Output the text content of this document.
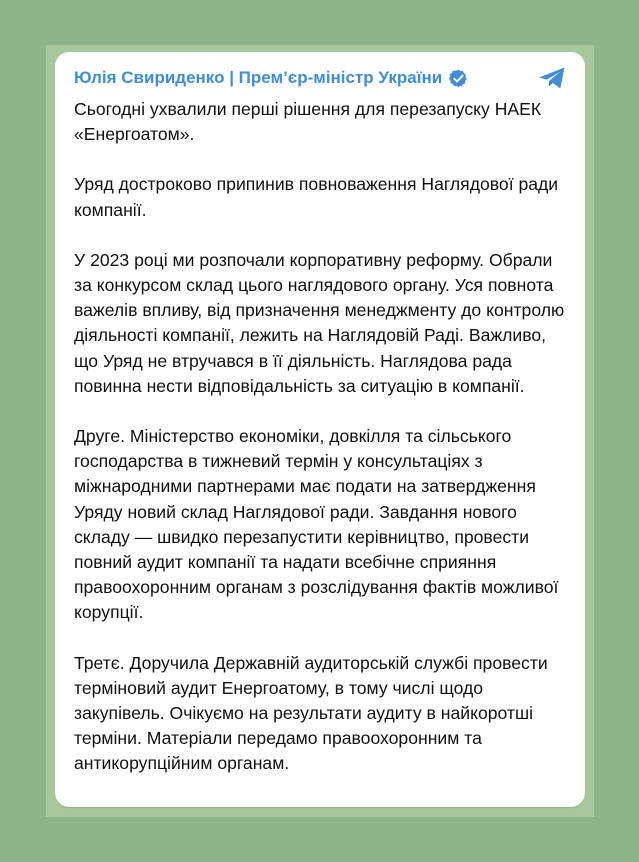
Юлія Свириденко | Прем’єр-міністр України

Сьогодні ухвалили перші рішення для перезапуску НАЕК «Енергоатом».

Уряд достроково припинив повноваження Наглядової ради компанії.

У 2023 році ми розпочали корпоративну реформу. Обрали за конкурсом склад цього наглядового органу. Уся повнота важелів впливу, від призначення менеджменту до контролю діяльності компанії, лежить на Наглядовій Раді. Важливо, що Уряд не втручався в її діяльність. Наглядова рада повинна нести відповідальність за ситуацію в компанії.

Друге. Міністерство економіки, довкілля та сільського господарства в тижневий термін у консультаціях з міжнародними партнерами має подати на затвердження Уряду новий склад Наглядової ради. Завдання нового складу — швидко перезапустити керівництво, провести повний аудит компанії та надати всебічне сприяння правоохоронним органам з розслідування фактів можливої корупції.

Третє. Доручила Державній аудиторській службі провести терміновий аудит Енергоатому, в тому числі щодо закупівель. Очікуємо на результати аудиту в найкоротші терміни. Матеріали передамо правоохоронним та антикорупційним органам.
